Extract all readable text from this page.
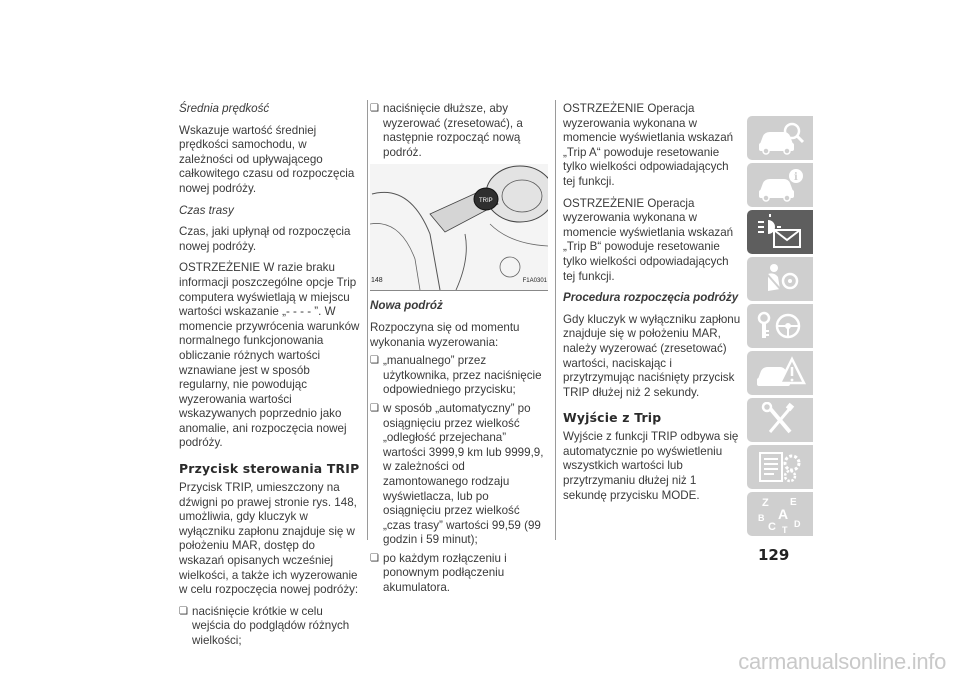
Średnia prędkość

Wskazuje wartość średniej prędkości samochodu, w zależności od upływającego całkowitego czasu od rozpoczęcia nowej podróży.

Czas trasy

Czas, jaki upłynął od rozpoczęcia nowej podróży.

OSTRZEŻENIE W razie braku informacji poszczególne opcje Trip computera wyświetlają w miejscu wartości wskazanie „- - - - ”. W momencie przywrócenia warunków normalnego funkcjonowania obliczanie różnych wartości wznawiane jest w sposób regularny, nie powodując wyzerowania wartości wskazywanych poprzednio jako anomalie, ani rozpoczęcia nowej podróży.

Przycisk sterowania TRIP

Przycisk TRIP, umieszczony na dźwigni po prawej stronie rys. 148, umożliwia, gdy kluczyk w wyłączniku zapłonu znajduje się w położeniu MAR, dostęp do wskazań opisanych wcześniej wielkości, a także ich wyzerowanie w celu rozpoczęcia nowej podróży:

❏ naciśnięcie krótkie w celu wejścia do podglądów różnych wielkości;

❏ naciśnięcie dłuższe, aby wyzerować (zresetować), a następnie rozpocząć nową podróż.

TRIP
148	F1A0301

Nowa podróż

Rozpoczyna się od momentu wykonania wyzerowania:

❏ „manualnego” przez użytkownika, przez naciśnięcie odpowiedniego przycisku;

❏ w sposób „automatyczny” po osiągnięciu przez wielkość „odległość przejechana” wartości 3999,9 km lub 9999,9, w zależności od zamontowanego rodzaju wyświetlacza, lub po osiągnięciu przez wielkość „czas trasy” wartości 99,59 (99 godzin i 59 minut);

❏ po każdym rozłączeniu i ponownym podłączeniu akumulatora.

OSTRZEŻENIE Operacja wyzerowania wykonana w momencie wyświetlania wskazań „Trip A“ powoduje resetowanie tylko wielkości odpowiadających tej funkcji.

OSTRZEŻENIE Operacja wyzerowania wykonana w momencie wyświetlania wskazań „Trip B“ powoduje resetowanie tylko wielkości odpowiadających tej funkcji.

Procedura rozpoczęcia podróży

Gdy kluczyk w wyłączniku zapłonu znajduje się w położeniu MAR, należy wyzerować (zresetować) wartości, naciskając i przytrzymując naciśnięty przycisk TRIP dłużej niż 2 sekundy.

Wyjście z Trip

Wyjście z funkcji TRIP odbywa się automatycznie po wyświetleniu wszystkich wartości lub przytrzymaniu dłużej niż 1 sekundę przycisku MODE.

i
Z E
B A
C D
T
129
carmanualsonline.info
